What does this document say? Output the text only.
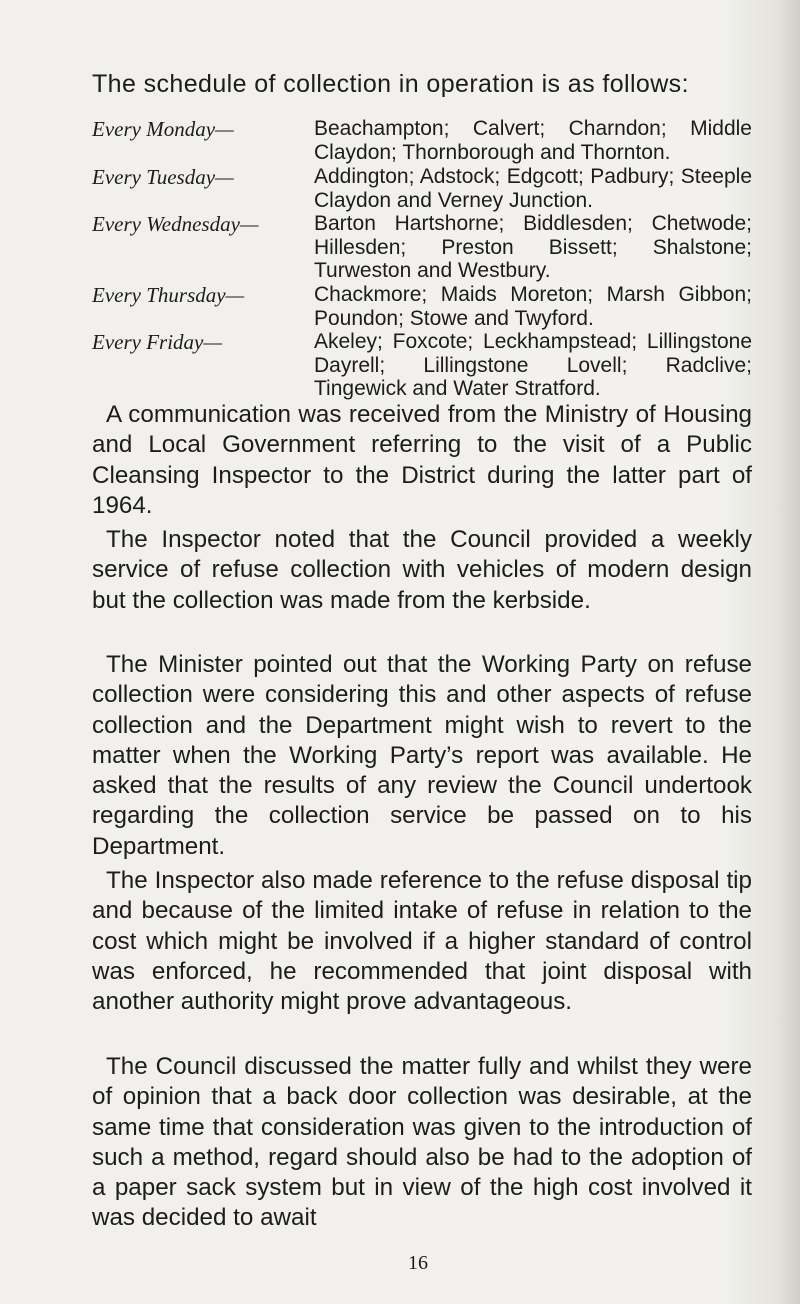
The schedule of collection in operation is as follows:
Every Monday—	Beachampton; Calvert; Charndon; Middle Claydon; Thornborough and Thornton.
Every Tuesday—	Addington; Adstock; Edgcott; Padbury; Steeple Claydon and Verney Junction.
Every Wednesday—	Barton Hartshorne; Biddlesden; Chetwode; Hillesden; Preston Bissett; Shalstone; Turweston and Westbury.
Every Thursday—	Chackmore; Maids Moreton; Marsh Gibbon; Poundon; Stowe and Twyford.
Every Friday—	Akeley; Foxcote; Leckhampstead; Lillingstone Dayrell; Lillingstone Lovell; Radclive; Tingewick and Water Stratford.

A communication was received from the Ministry of Housing and Local Government referring to the visit of a Public Cleansing Inspector to the District during the latter part of 1964.

The Inspector noted that the Council provided a weekly service of refuse collection with vehicles of modern design but the collection was made from the kerbside.

The Minister pointed out that the Working Party on refuse collection were considering this and other aspects of refuse collection and the Department might wish to revert to the matter when the Working Party’s report was available. He asked that the results of any review the Council undertook regarding the collection service be passed on to his Department.

The Inspector also made reference to the refuse disposal tip and because of the limited intake of refuse in relation to the cost which might be involved if a higher standard of control was enforced, he recommended that joint disposal with another authority might prove advantageous.

The Council discussed the matter fully and whilst they were of opinion that a back door collection was desirable, at the same time that consideration was given to the introduction of such a method, regard should also be had to the adoption of a paper sack system but in view of the high cost involved it was decided to await

16
